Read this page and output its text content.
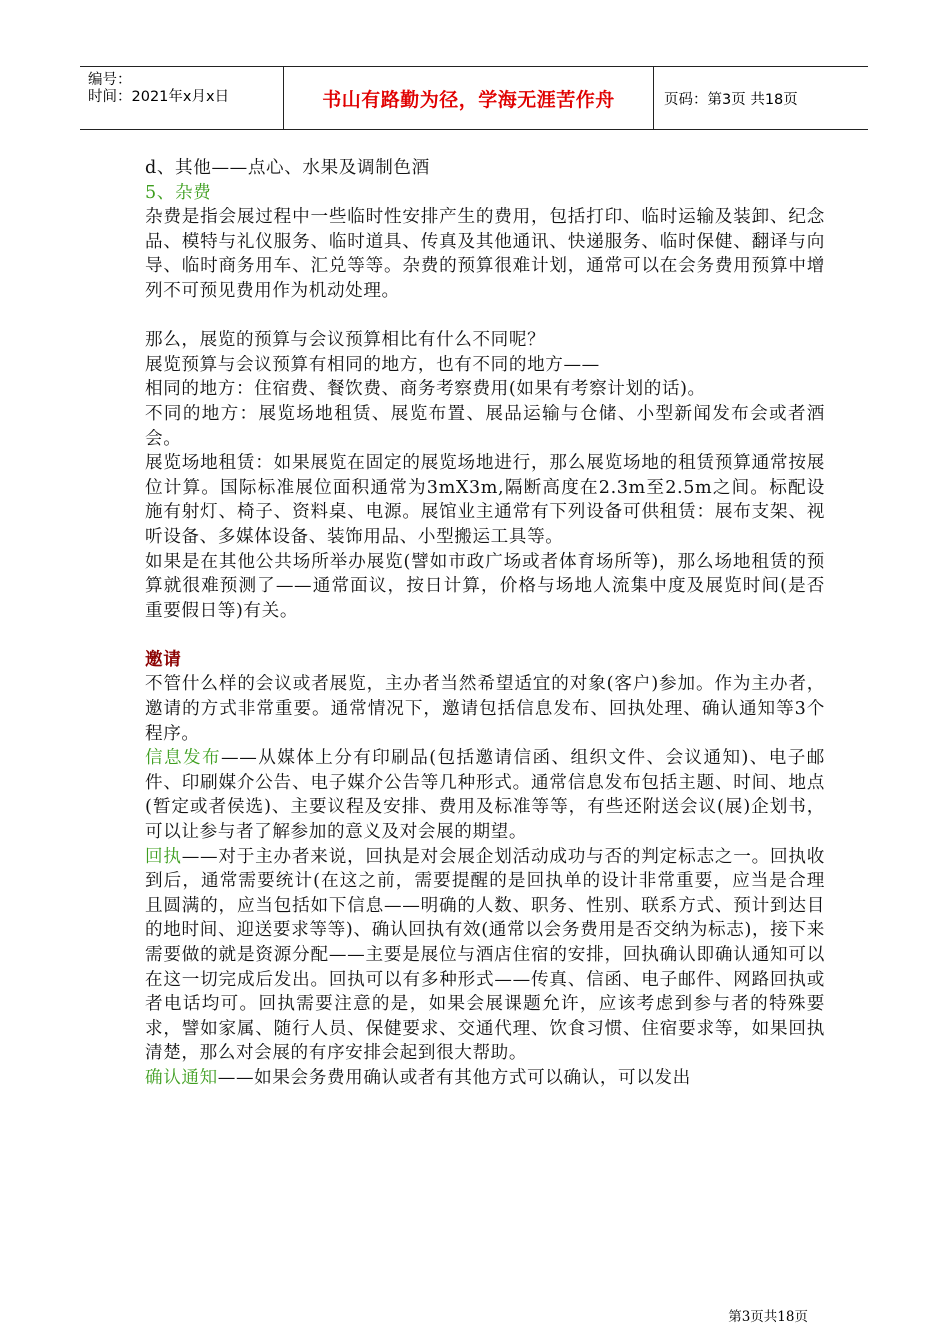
编号：
时间：2021年x月x日	书山有路勤为径，学海无涯苦作舟	页码：第3页 共18页

d、其他——点心、水果及调制色酒

5、杂费

杂费是指会展过程中一些临时性安排产生的费用，包括打印、临时运输及装卸、纪念品、模特与礼仪服务、临时道具、传真及其他通讯、快递服务、临时保健、翻译与向导、临时商务用车、汇兑等等。杂费的预算很难计划，通常可以在会务费用预算中增列不可预见费用作为机动处理。

那么，展览的预算与会议预算相比有什么不同呢？

展览预算与会议预算有相同的地方，也有不同的地方——

相同的地方：住宿费、餐饮费、商务考察费用(如果有考察计划的话)。

不同的地方：展览场地租赁、展览布置、展品运输与仓储、小型新闻发布会或者酒会。

展览场地租赁：如果展览在固定的展览场地进行，那么展览场地的租赁预算通常按展位计算。国际标准展位面积通常为3mX3m,隔断高度在2.3m至2.5m之间。标配设施有射灯、椅子、资料桌、电源。展馆业主通常有下列设备可供租赁：展布支架、视听设备、多媒体设备、装饰用品、小型搬运工具等。

如果是在其他公共场所举办展览(譬如市政广场或者体育场所等)，那么场地租赁的预算就很难预测了——通常面议，按日计算，价格与场地人流集中度及展览时间(是否重要假日等)有关。

邀请

不管什么样的会议或者展览，主办者当然希望适宜的对象(客户)参加。作为主办者，邀请的方式非常重要。通常情况下，邀请包括信息发布、回执处理、确认通知等3个程序。

信息发布——从媒体上分有印刷品(包括邀请信函、组织文件、会议通知)、电子邮件、印刷媒介公告、电子媒介公告等几种形式。通常信息发布包括主题、时间、地点(暂定或者侯选)、主要议程及安排、费用及标准等等，有些还附送会议(展)企划书，可以让参与者了解参加的意义及对会展的期望。

回执——对于主办者来说，回执是对会展企划活动成功与否的判定标志之一。回执收到后，通常需要统计(在这之前，需要提醒的是回执单的设计非常重要，应当是合理且圆满的，应当包括如下信息——明确的人数、职务、性别、联系方式、预计到达目的地时间、迎送要求等等)、确认回执有效(通常以会务费用是否交纳为标志)，接下来需要做的就是资源分配——主要是展位与酒店住宿的安排，回执确认即确认通知可以在这一切完成后发出。回执可以有多种形式——传真、信函、电子邮件、网路回执或者电话均可。回执需要注意的是，如果会展课题允许，应该考虑到参与者的特殊要求，譬如家属、随行人员、保健要求、交通代理、饮食习惯、住宿要求等，如果回执清楚，那么对会展的有序安排会起到很大帮助。

确认通知——如果会务费用确认或者有其他方式可以确认，可以发出

第3页共18页
